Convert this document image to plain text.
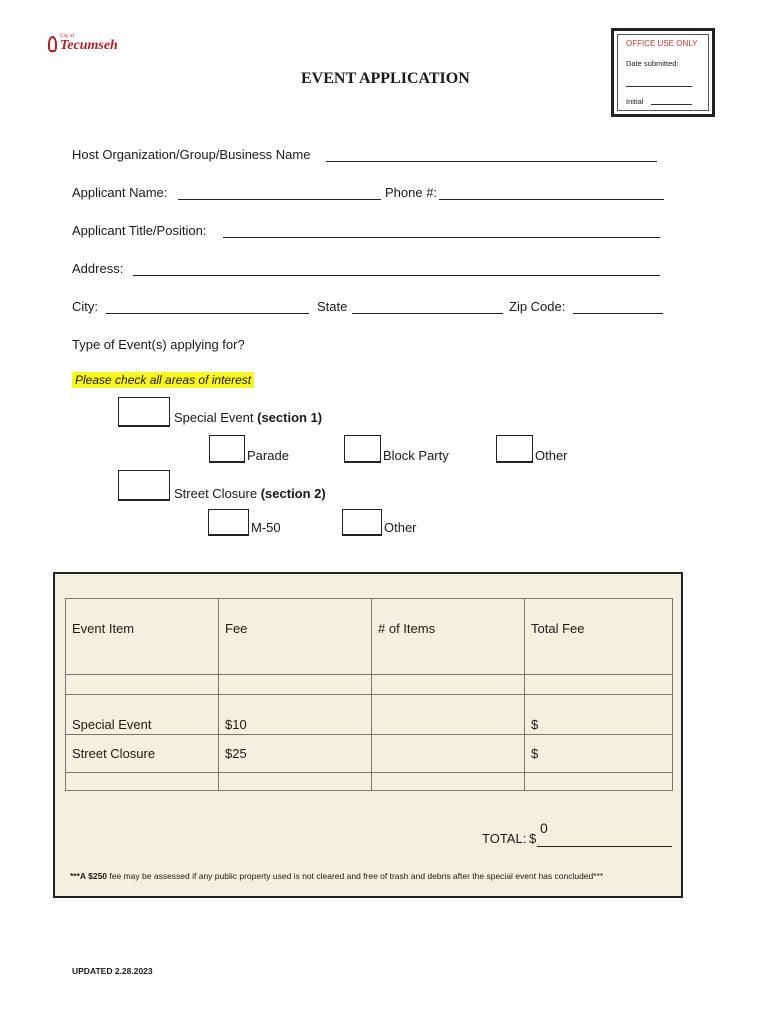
City of
Tecumseh	OFFICE USE ONLY
Date submitted:
Initial
EVENT APPLICATION
Host Organization/Group/Business Name
Applicant Name:	Phone #:
Applicant Title/Position:
Address:
City:	State	Zip Code:
Type of Event(s) applying for?
Please check all areas of interest
Special Event (section 1)
Parade	Block Party	Other
Street Closure (section 2)
M-50	Other
Event Item	Fee	# of Items	Total Fee

Special Event	$10		$
Street Closure	$25		$

TOTAL: $
0
***A $250 fee may be assessed if any public property used is not cleared and free of trash and debris after the special event has concluded***
UPDATED 2.28.2023
